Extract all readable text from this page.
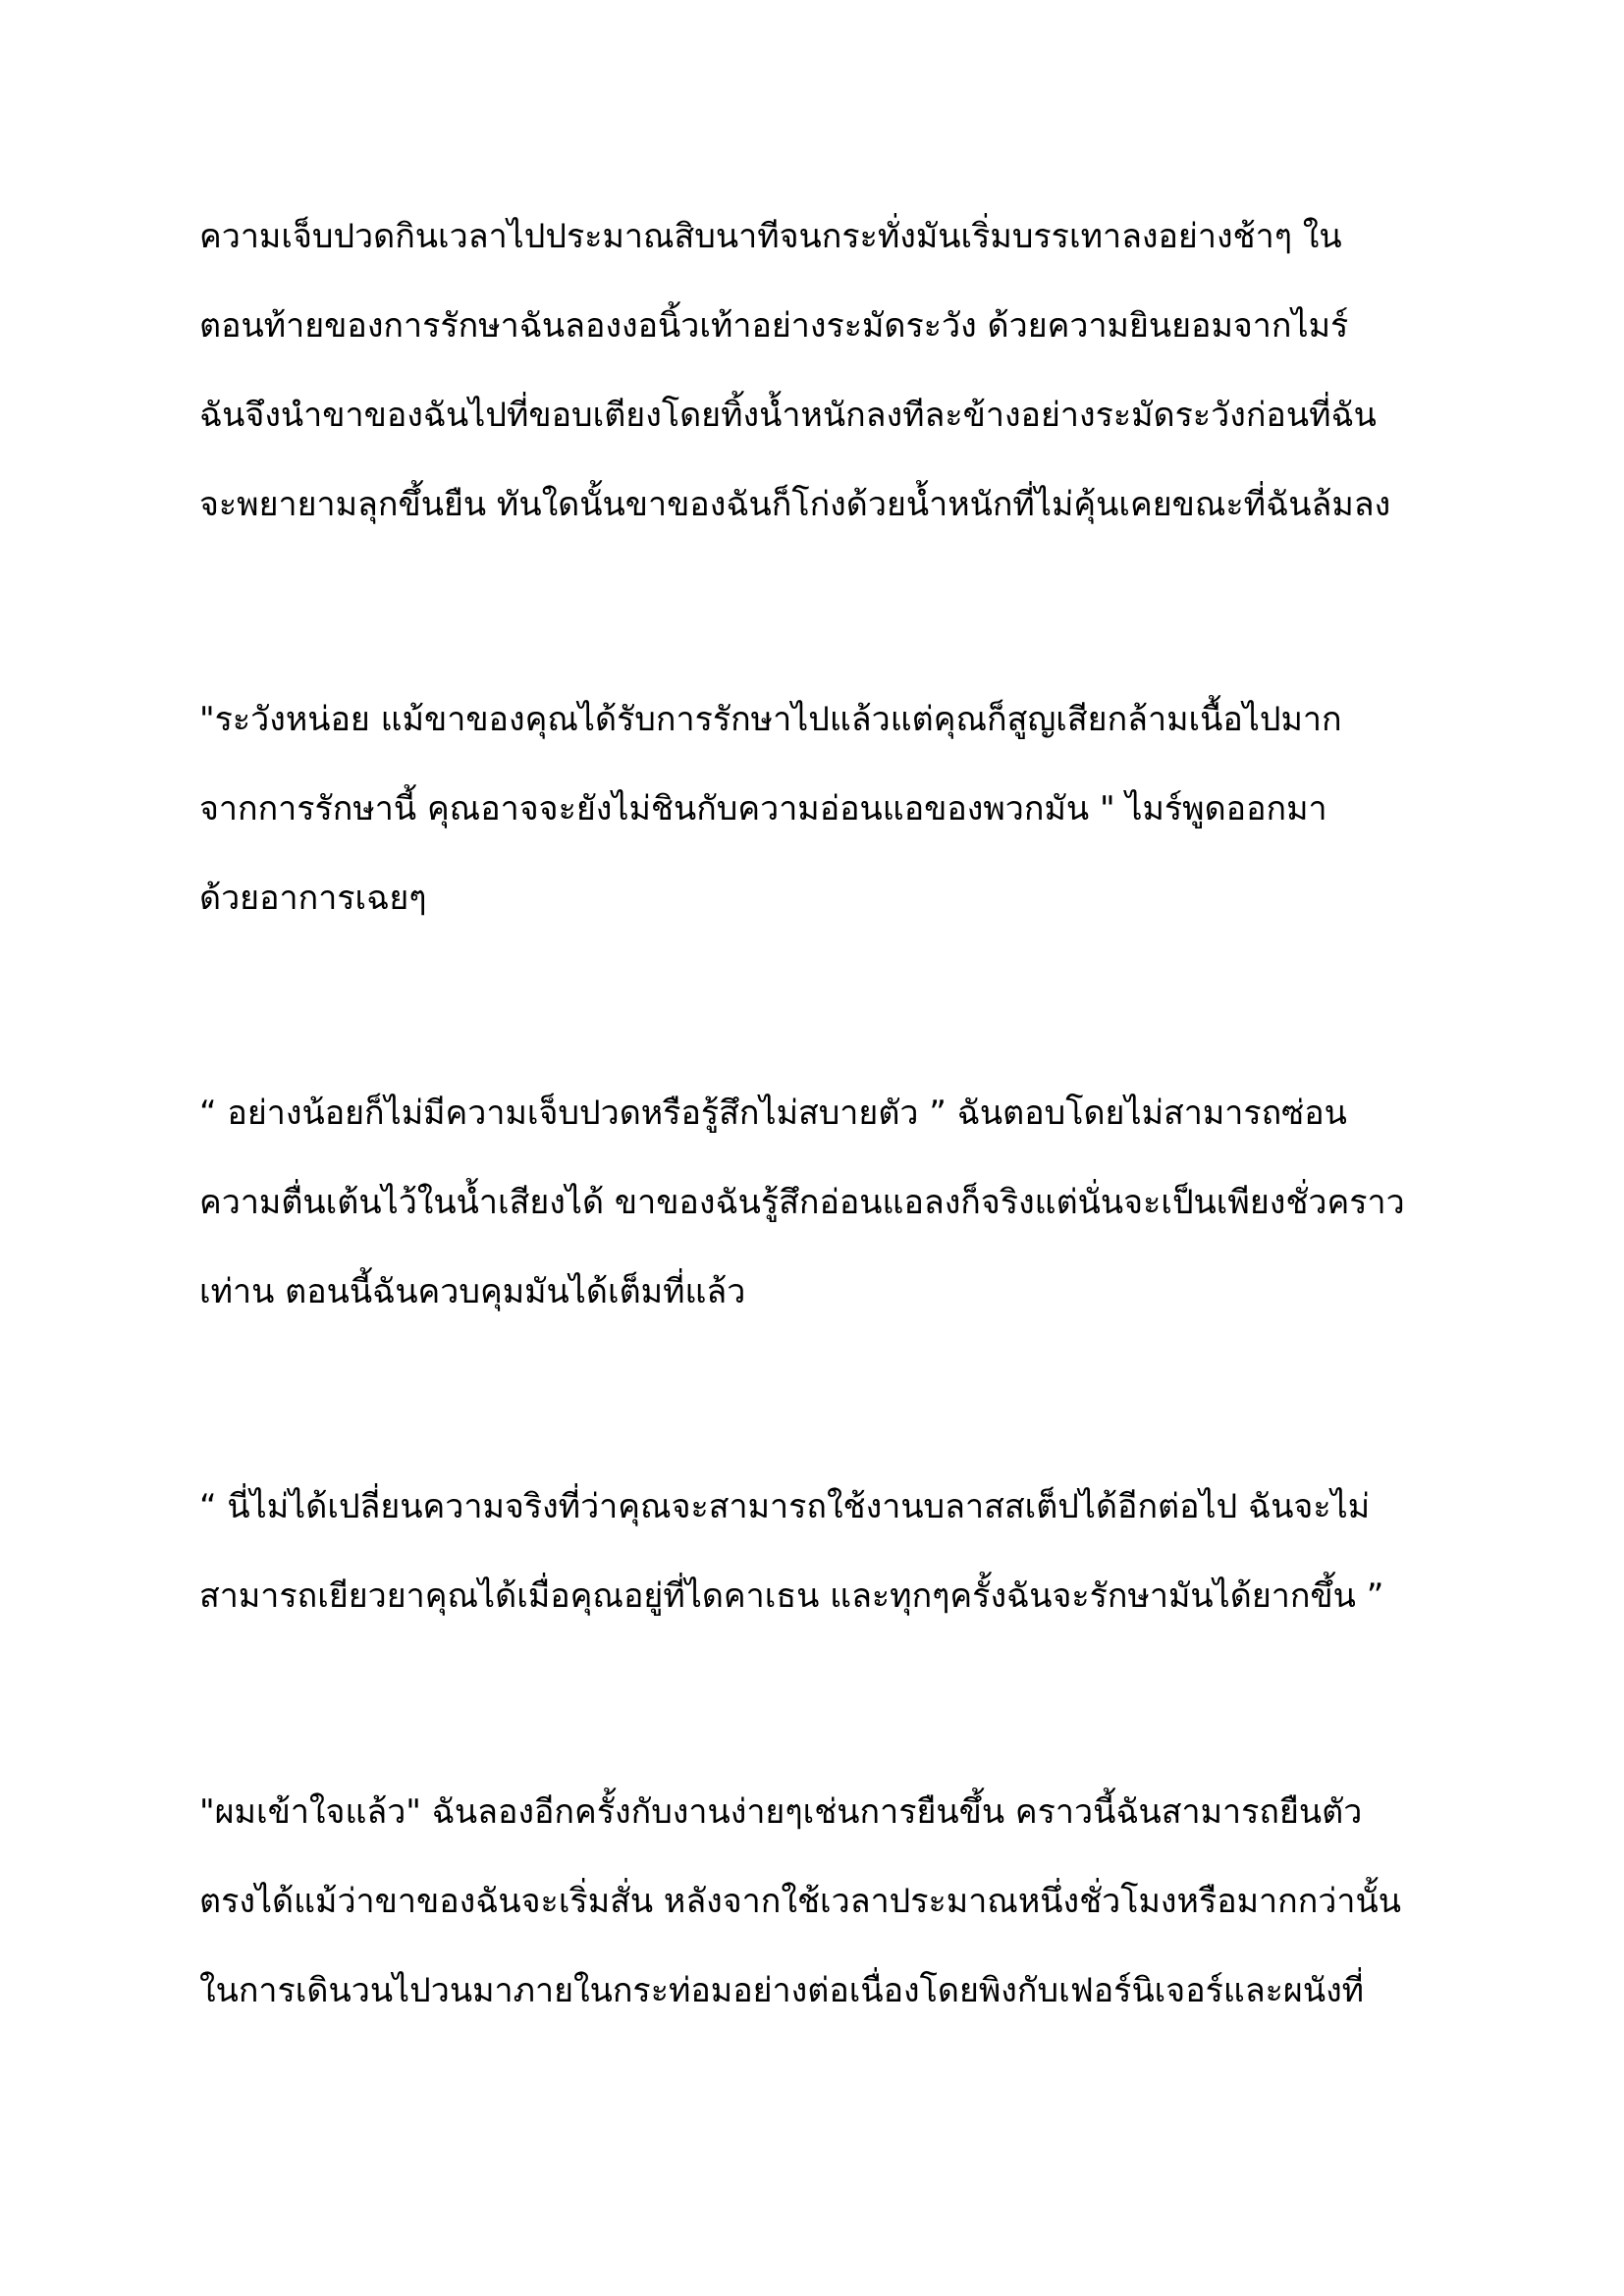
ความเจ็บปวดกินเวลาไปประมาณสิบนาทีจนกระทั่งมันเริ่มบรรเทาลงอย่างช้าๆ ใน
ตอนท้ายของการรักษาฉันลองงอนิ้วเท้าอย่างระมัดระวัง ด้วยความยินยอมจากไมร์
ฉันจึงนำขาของฉันไปที่ขอบเตียงโดยทิ้งน้ำหนักลงทีละข้างอย่างระมัดระวังก่อนที่ฉัน
จะพยายามลุกขึ้นยืน ทันใดนั้นขาของฉันก็โก่งด้วยน้ำหนักที่ไม่คุ้นเคยขณะที่ฉันล้มลง
"ระวังหน่อย แม้ขาของคุณได้รับการรักษาไปแล้วแต่คุณก็สูญเสียกล้ามเนื้อไปมาก
จากการรักษานี้ คุณอาจจะยังไม่ชินกับความอ่อนแอของพวกมัน " ไมร์พูดออกมา
ด้วยอาการเฉยๆ
“ อย่างน้อยก็ไม่มีความเจ็บปวดหรือรู้สึกไม่สบายตัว ” ฉันตอบโดยไม่สามารถซ่อน
ความตื่นเต้นไว้ในน้ำเสียงได้ ขาของฉันรู้สึกอ่อนแอลงก็จริงแต่นั่นจะเป็นเพียงชั่วคราว
เท่าน ตอนนี้ฉันควบคุมมันได้เต็มที่แล้ว
“ นี่ไม่ได้เปลี่ยนความจริงที่ว่าคุณจะสามารถใช้งานบลาสสเต็ปได้อีกต่อไป ฉันจะไม่
สามารถเยียวยาคุณได้เมื่อคุณอยู่ที่ไดคาเธน และทุกๆครั้งฉันจะรักษามันได้ยากขึ้น ”
"ผมเข้าใจแล้ว" ฉันลองอีกครั้งกับงานง่ายๆเช่นการยืนขึ้น คราวนี้ฉันสามารถยืนตัว
ตรงได้แม้ว่าขาของฉันจะเริ่มสั่น หลังจากใช้เวลาประมาณหนึ่งชั่วโมงหรือมากกว่านั้น
ในการเดินวนไปวนมาภายในกระท่อมอย่างต่อเนื่องโดยพิงกับเฟอร์นิเจอร์และผนังที่
